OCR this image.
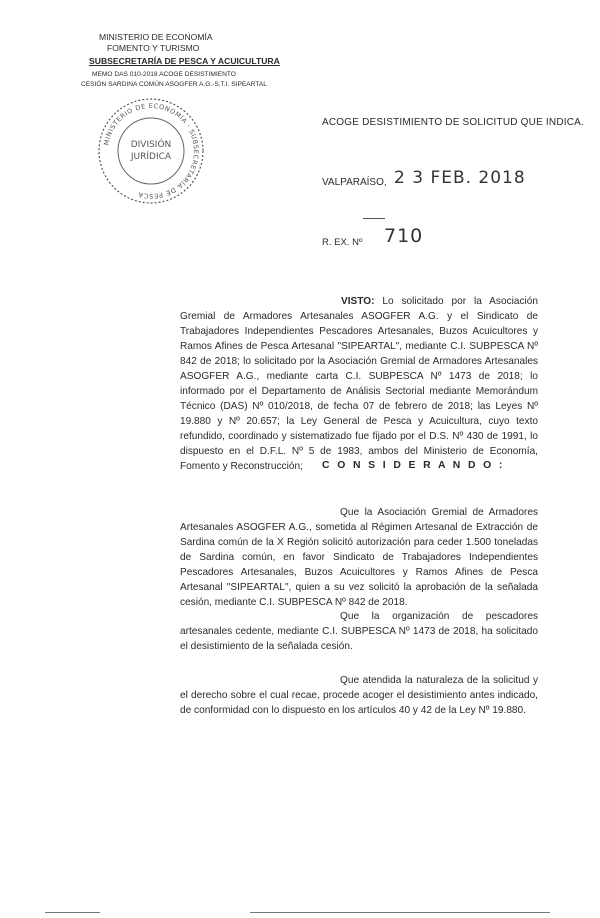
MINISTERIO DE ECONOMÍA
FOMENTO Y TURISMO
SUBSECRETARÍA DE PESCA Y ACUICULTURA
MEMO DAS 010-2018 ACOGE DESISTIMIENTO
CESIÓN SARDINA COMÚN ASOGFER A.G.-S.T.I. SIPEARTAL
MINISTERIO DE ECONOMÍA · SUBSECRETARÍA DE PESCA
DIVISIÓN
JURÍDICA
ACOGE DESISTIMIENTO DE SOLICITUD QUE INDICA.
VALPARAÍSO, 2 3 FEB. 2018
R. EX. Nº 710
VISTO: Lo solicitado por la Asociación Gremial de Armadores Artesanales ASOGFER A.G. y el Sindicato de Trabajadores Independientes Pescadores Artesanales, Buzos Acuicultores y Ramos Afines de Pesca Artesanal "SIPEARTAL", mediante C.I. SUBPESCA Nº 842 de 2018; lo solicitado por la Asociación Gremial de Armadores Artesanales ASOGFER A.G., mediante carta C.I. SUBPESCA Nº 1473 de 2018; lo informado por el Departamento de Análisis Sectorial mediante Memorándum Técnico (DAS) Nº 010/2018, de fecha 07 de febrero de 2018; las Leyes Nº 19.880 y Nº 20.657; la Ley General de Pesca y Acuicultura, cuyo texto refundido, coordinado y sistematizado fue fijado por el D.S. Nº 430 de 1991, lo dispuesto en el D.F.L. Nº 5 de 1983, ambos del Ministerio de Economía, Fomento y Reconstrucción;	C O N S I D E R A N D O :
Que la Asociación Gremial de Armadores Artesanales ASOGFER A.G., sometida al Régimen Artesanal de Extracción de Sardina común de la X Región solicitó autorización para ceder 1.500 toneladas de Sardina común, en favor Sindicato de Trabajadores Independientes Pescadores Artesanales, Buzos Acuicultores y Ramos Afines de Pesca Artesanal "SIPEARTAL", quien a su vez solicitó la aprobación de la señalada cesión, mediante C.I. SUBPESCA Nº 842 de 2018.
Que la organización de pescadores artesanales cedente, mediante C.I. SUBPESCA Nº 1473 de 2018, ha solicitado el desistimiento de la señalada cesión.
Que atendida la naturaleza de la solicitud y el derecho sobre el cual recae, procede acoger el desistimiento antes indicado, de conformidad con lo dispuesto en los artículos 40 y 42 de la Ley Nº 19.880.
